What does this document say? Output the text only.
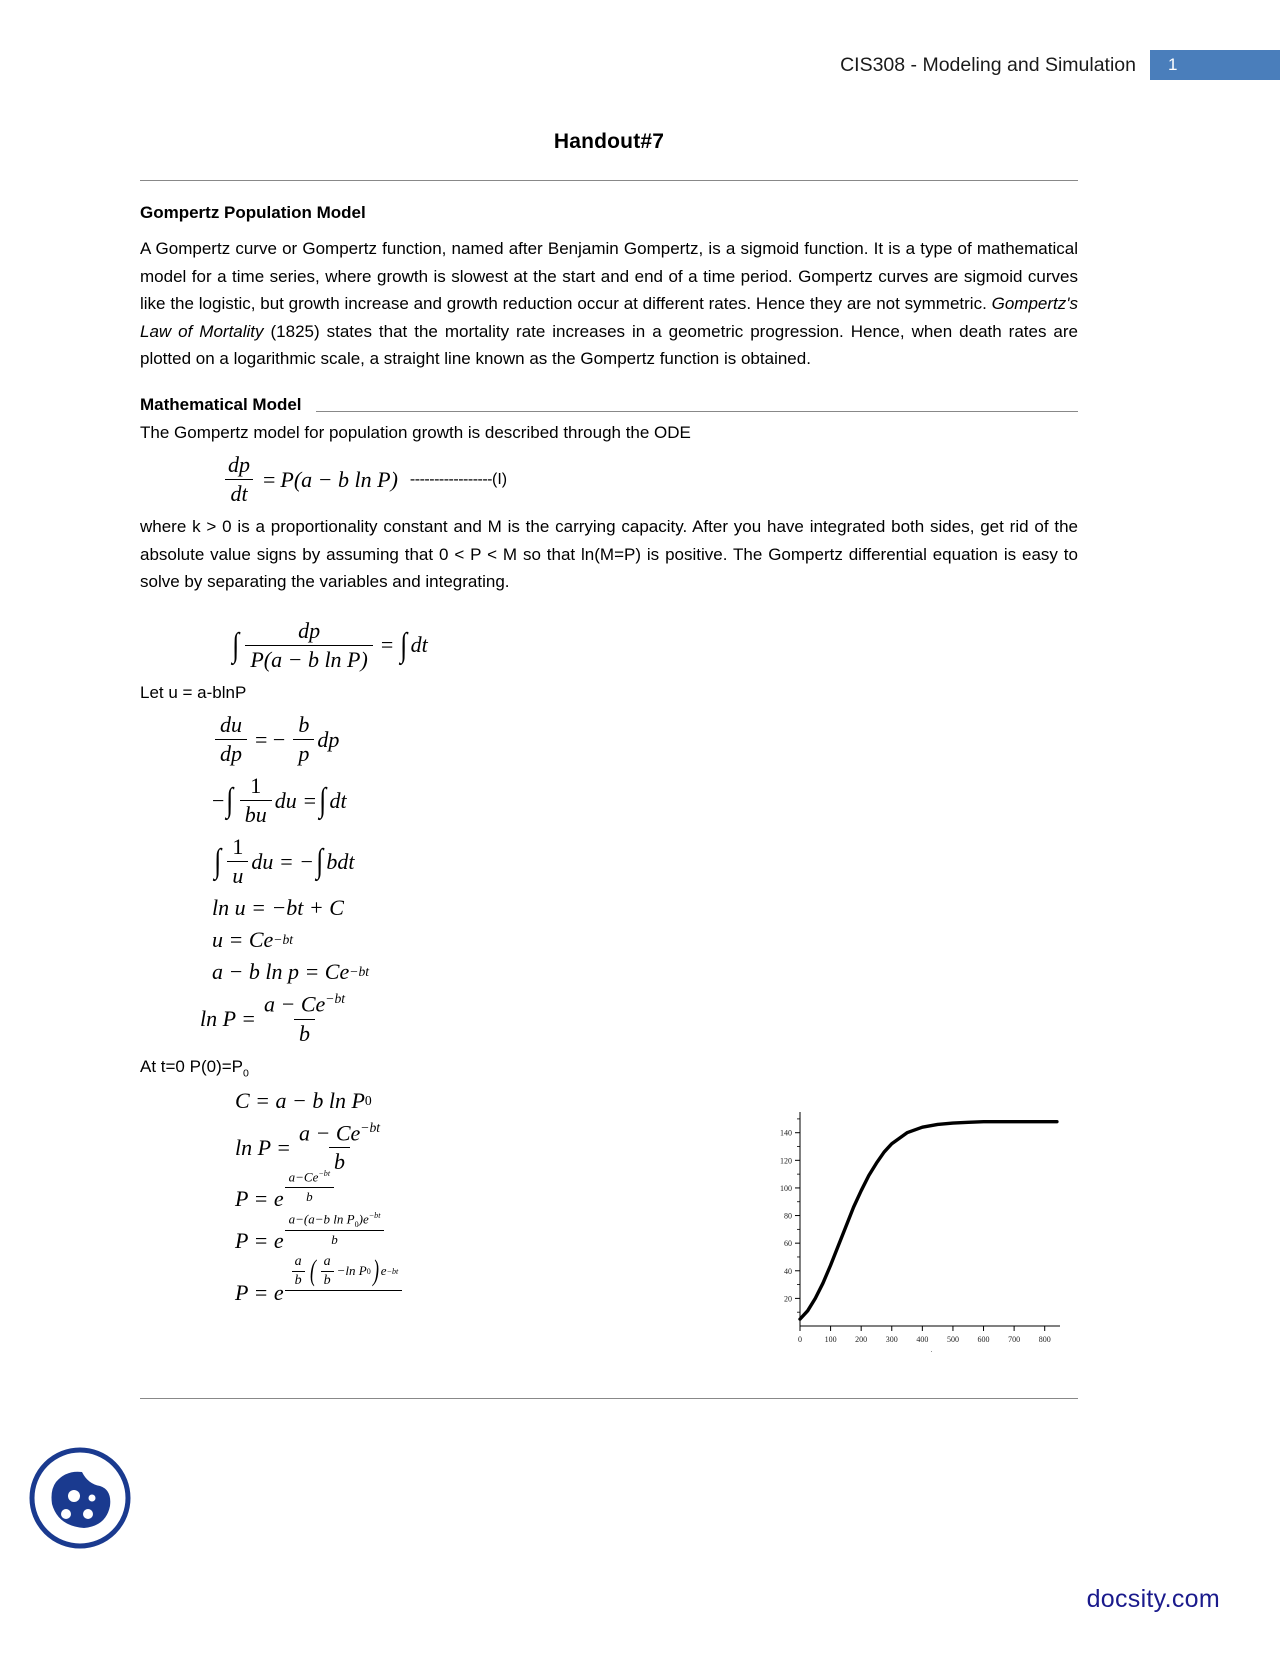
CIS308 - Modeling and Simulation	1
Handout#7
Gompertz Population Model

A Gompertz curve or Gompertz function, named after Benjamin Gompertz, is a sigmoid function. It is a type of mathematical model for a time series, where growth is slowest at the start and end of a time period. Gompertz curves are sigmoid curves like the logistic, but growth increase and growth reduction occur at different rates. Hence they are not symmetric. Gompertz's Law of Mortality (1825) states that the mortality rate increases in a geometric progression. Hence, when death rates are plotted on a logarithmic scale, a straight line known as the Gompertz function is obtained.

Mathematical Model
The Gompertz model for population growth is described through the ODE
$\frac{dp}{dt} = P(a - b$ ln P) ----------------- (I)

where k > 0 is a proportionality constant and M is the carrying capacity. After you have integrated both sides, get rid of the absolute value signs by assuming that 0 < P < M so that ln(M=P) is positive. The Gompertz differential equation is easy to solve by separating the variables and integrating.

∫ $\frac{dp}{\text{P(a − b ln P)}}$ = ∫ dt
Let u = a-blnP
$\frac{du}{dp}$ = − $\frac{b}{p}$ dp
− ∫ $\frac{1}{bu}$ du = ∫ dt
∫ $\frac{1}{u}$ du = − ∫ bdt
ln u = −bt + C
u = Ce −bt
a − b ln p = Ce −bt
$\ln P = \frac{a - Ce^{-bt}}{b}$
At t=0 $P(0)=P_0$
C = a − b ln P 0
$\ln P = \frac{a - Ce^{-bt}}{b}$
P = e $\frac{a-Ce^{-bt}}{b}$
P = e $\frac{a-(a-b \ln P_0)e^{-bt}}{b}$
P = e
$\frac{a}{b}$ ( $\frac{a}{b} -\ln$ P 0 ) e −bt

20
40
60
80
100
120
140
0	100 200 300 400 500 600 700 800
.
docsity.com
